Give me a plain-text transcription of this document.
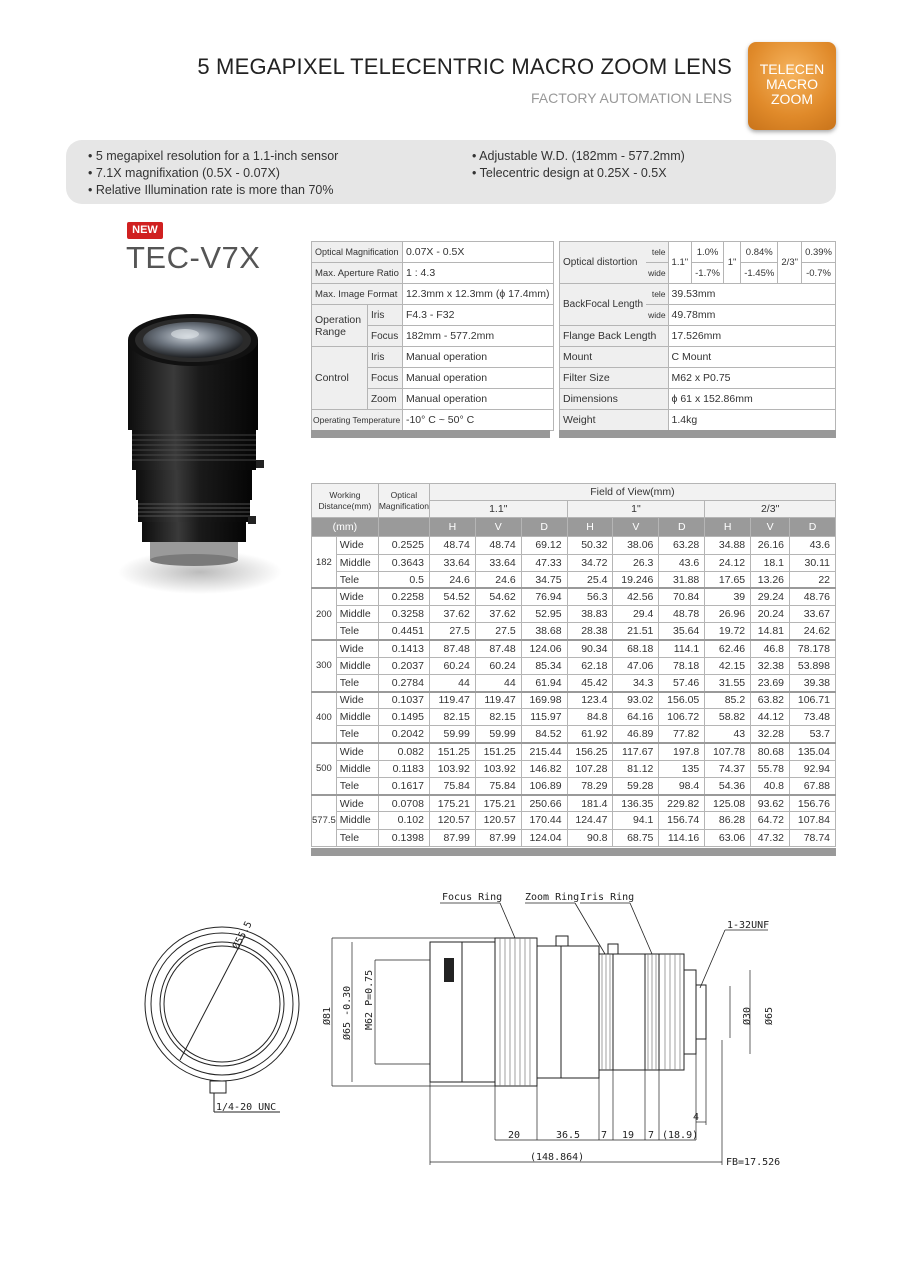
5 MEGAPIXEL TELECENTRIC MACRO ZOOM LENS
FACTORY AUTOMATION LENS
TELECEN
MACRO
ZOOM
• 5 megapixel resolution for a 1.1-inch sensor
• 7.1X magnifixation (0.5X - 0.07X)
• Relative Illumination rate is more than 70%
• Adjustable W.D. (182mm - 577.2mm)
• Telecentric design at 0.25X - 0.5X
NEW
TEC-V7X	Optical Magnification		0.07X - 0.5X
Max. Aperture Ratio		1 : 4.3
Max. Image Format		12.3mm x 12.3mm (ϕ 17.4mm)
Operation Range	Iris	F4.3 - F32
	Focus	182mm - 577.2mm
Control	Iris	Manual operation
	Focus	Manual operation
	Zoom	Manual operation
Operating Temperature		-10° C ~ 50° C
Optical distortion	tele	1.1"	1.0%	1"	0.84%	2/3"	0.39%
	wide		-1.7%		-1.45%		-0.7%
BackFocal Length	tele	39.53mm					
	wide	49.78mm					
Flange Back Length		17.526mm					
Mount		C Mount					
Filter Size		M62 x P0.75					
Dimensions		ϕ 61 x 152.86mm					
Weight		1.4kg					
Working Distance(mm)		Optical Magnification	Field of View(mm)								
			1.1"			1"			2/3"		
(mm)			H	V	D	H	V	D	H	V	D
182	Wide	0.2525	48.74	48.74	69.12	50.32	38.06	63.28	34.88	26.16	43.6
	Middle	0.3643	33.64	33.64	47.33	34.72	26.3	43.6	24.12	18.1	30.11
	Tele	0.5	24.6	24.6	34.75	25.4	19.246	31.88	17.65	13.26	22
200	Wide	0.2258	54.52	54.62	76.94	56.3	42.56	70.84	39	29.24	48.76
	Middle	0.3258	37.62	37.62	52.95	38.83	29.4	48.78	26.96	20.24	33.67
	Tele	0.4451	27.5	27.5	38.68	28.38	21.51	35.64	19.72	14.81	24.62
300	Wide	0.1413	87.48	87.48	124.06	90.34	68.18	114.1	62.46	46.8	78.178
	Middle	0.2037	60.24	60.24	85.34	62.18	47.06	78.18	42.15	32.38	53.898
	Tele	0.2784	44	44	61.94	45.42	34.3	57.46	31.55	23.69	39.38
400	Wide	0.1037	119.47	119.47	169.98	123.4	93.02	156.05	85.2	63.82	106.71
	Middle	0.1495	82.15	82.15	115.97	84.8	64.16	106.72	58.82	44.12	73.48
	Tele	0.2042	59.99	59.99	84.52	61.92	46.89	77.82	43	32.28	53.7
500	Wide	0.082	151.25	151.25	215.44	156.25	117.67	197.8	107.78	80.68	135.04
	Middle	0.1183	103.92	103.92	146.82	107.28	81.12	135	74.37	55.78	92.94
	Tele	0.1617	75.84	75.84	106.89	78.29	59.28	98.4	54.36	40.8	67.88
577.5	Wide	0.0708	175.21	175.21	250.66	181.4	136.35	229.82	125.08	93.62	156.76
	Middle	0.102	120.57	120.57	170.44	124.47	94.1	156.74	86.28	64.72	107.84
	Tele	0.1398	87.99	87.99	124.04	90.8	68.75	114.16	63.06	47.32	78.74
Ø55.5
1/4-20 UNC
Focus Ring Zoom Ring Iris Ring
1-32UNF
Ø81 Ø65 -0.30 M62 P=0.75	Ø30 Ø65
20	36.5 7 19 7 (18.9)
4
(148.864)	FB=17.526
